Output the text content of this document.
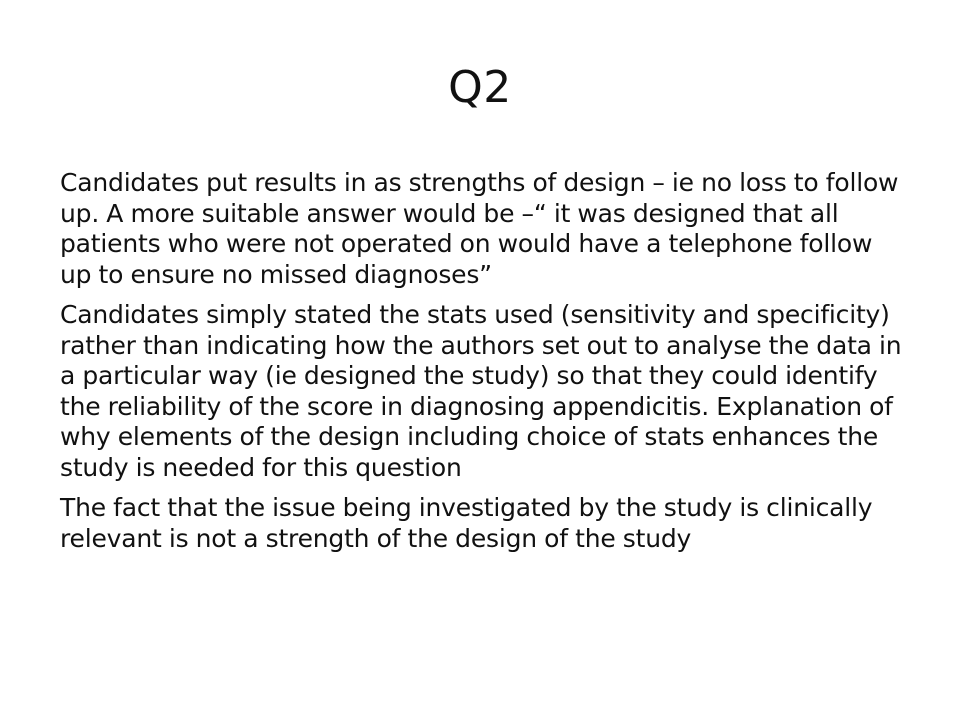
Q2

Candidates put results in as strengths of design – ie no loss to follow up. A more suitable answer would be –“ it was designed that all patients who were not operated on would have a telephone follow up to ensure no missed diagnoses”

Candidates simply stated the stats used (sensitivity and specificity) rather than indicating how the authors set out to analyse the data in a particular way (ie designed the study) so that they could identify the reliability of the score in diagnosing appendicitis. Explanation of why elements of the design including choice of stats enhances the study is needed for this question

The fact that the issue being investigated by the study is clinically relevant is not a strength of the design of the study
